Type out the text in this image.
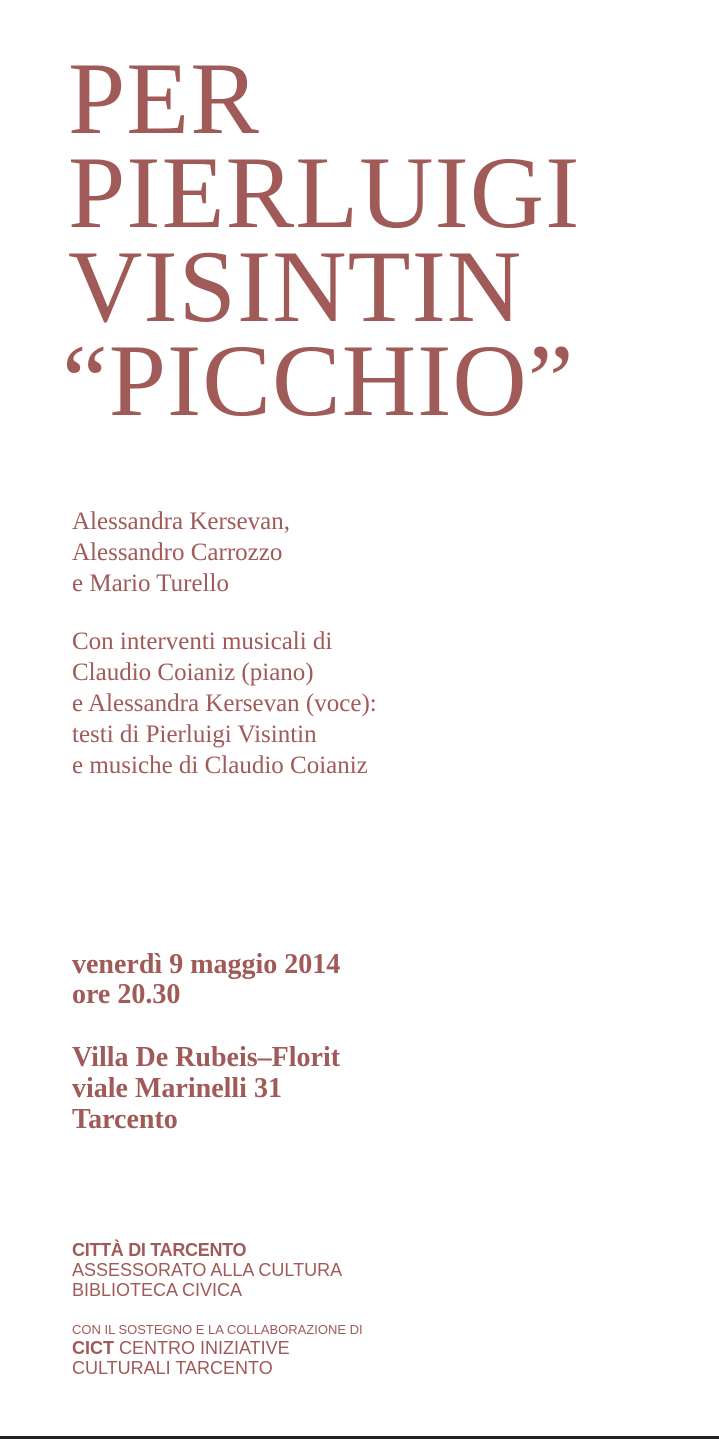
PER
PIERLUIGI
VISINTIN
“PICCHIO”
Alessandra Kersevan,
Alessandro Carrozzo
e Mario Turello
Con interventi musicali di
Claudio Coianiz (piano)
e Alessandra Kersevan (voce):
testi di Pierluigi Visintin
e musiche di Claudio Coianiz
venerdì 9 maggio 2014
ore 20.30
Villa De Rubeis–Florit
viale Marinelli 31
Tarcento
CITTÀ DI TARCENTO
ASSESSORATO ALLA CULTURA
BIBLIOTECA CIVICA
CON IL SOSTEGNO E LA COLLABORAZIONE DI
CICT CENTRO INIZIATIVE
CULTURALI TARCENTO
